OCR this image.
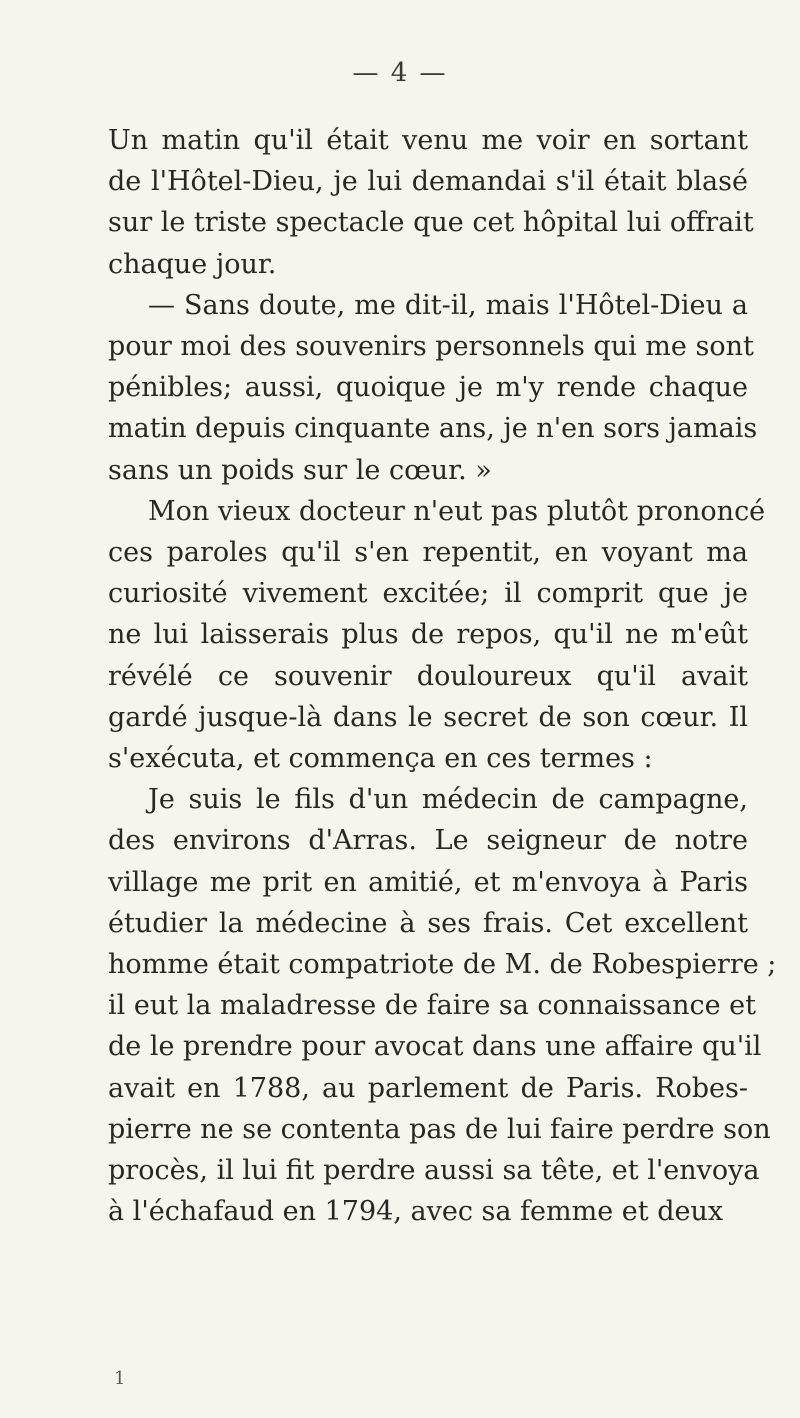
— 4 —
Un matin qu'il était venu me voir en sortant
de l'Hôtel-Dieu, je lui demandai s'il était blasé
sur le triste spectacle que cet hôpital lui offrait
chaque jour.
— Sans doute, me dit-il, mais l'Hôtel-Dieu a
pour moi des souvenirs personnels qui me sont
pénibles; aussi, quoique je m'y rende chaque
matin depuis cinquante ans, je n'en sors jamais
sans un poids sur le cœur. »
Mon vieux docteur n'eut pas plutôt prononcé
ces paroles qu'il s'en repentit, en voyant ma
curiosité vivement excitée; il comprit que je
ne lui laisserais plus de repos, qu'il ne m'eût
révélé ce souvenir douloureux qu'il avait
gardé jusque-là dans le secret de son cœur. Il
s'exécuta, et commença en ces termes :
Je suis le fils d'un médecin de campagne,
des environs d'Arras. Le seigneur de notre
village me prit en amitié, et m'envoya à Paris
étudier la médecine à ses frais. Cet excellent
homme était compatriote de M. de Robespierre ;
il eut la maladresse de faire sa connaissance et
de le prendre pour avocat dans une affaire qu'il
avait en 1788, au parlement de Paris. Robes-
pierre ne se contenta pas de lui faire perdre son
procès, il lui fit perdre aussi sa tête, et l'envoya
à l'échafaud en 1794, avec sa femme et deux
1
